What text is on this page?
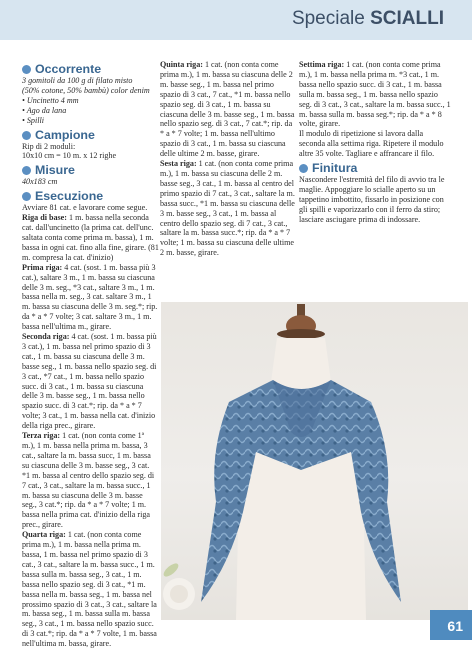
Speciale SCIALLI
Occorrente
3 gomitoli da 100 g di filato misto
(50% cotone, 50% bambù) color denim
• Uncinetto 4 mm
• Ago da lana
• Spilli
Campione
Rip di 2 moduli:
10x10 cm = 10 m. x 12 righe
Misure
40x183 cm
Esecuzione

Avviare 81 cat. e lavorare come segue.

Riga di base: 1 m. bassa nella seconda cat. dall'uncinetto (la prima cat. dell'unc. saltata conta come prima m. bassa), 1 m. bassa in ogni cat. fino alla fine, girare. (81 m. compresa la cat. d'inizio)

Prima riga: 4 cat. (sost. 1 m. bassa più 3 cat.), saltare 3 m., 1 m. bassa su ciascuna delle 3 m. seg., *3 cat., saltare 3 m., 1 m. bassa nella m. seg., 3 cat. saltare 3 m., 1 m. bassa su ciascuna delle 3 m. seg.*; rip. da * a * 7 volte; 3 cat. saltare 3 m., 1 m. bassa nell'ultima m., girare.

Seconda riga: 4 cat. (sost. 1 m. bassa più 3 cat.), 1 m. bassa nel primo spazio di 3 cat., 1 m. bassa su ciascuna delle 3 m. basse seg., 1 m. bassa nello spazio seg. di 3 cat., *7 cat., 1 m. bassa nello spazio succ. di 3 cat., 1 m. bassa su ciascuna delle 3 m. basse seg., 1 m. bassa nello spazio succ. di 3 cat.*; rip. da * a * 7 volte; 3 cat., 1 m. bassa nella cat. d'inizio della riga prec., girare.

Terza riga: 1 cat. (non conta come 1ª m.), 1 m. bassa nella prima m. bassa, 3 cat., saltare la m. bassa succ, 1 m. bassa su ciascuna delle 3 m. basse seg., 3 cat. *1 m. bassa al centro dello spazio seg. di 7 cat., 3 cat., saltare la m. bassa succ., 1 m. bassa su ciascuna delle 3 m. basse seg., 3 cat.*; rip. da * a * 7 volte; 1 m. bassa nella prima cat. d'inizio della riga prec., girare.

Quarta riga: 1 cat. (non conta come prima m.), 1 m. bassa nella prima m. bassa, 1 m. bassa nel primo spazio di 3 cat., 3 cat., saltare la m. bassa succ., 1 m. bassa sulla m. bassa seg., 3 cat., 1 m. bassa nello spazio seg. di 3 cat., *1 m. bassa nella m. bassa seg., 1 m. bassa nel prossimo spazio di 3 cat., 3 cat., saltare la m. bassa seg., 1 m. bassa sulla m. bassa seg., 3 cat., 1 m. bassa nello spazio succ. di 3 cat.*; rip. da * a * 7 volte, 1 m. bassa nell'ultima m. bassa, girare.

Quinta riga: 1 cat. (non conta come prima m.), 1 m. bassa su ciascuna delle 2 m. basse seg., 1 m. bassa nel primo spazio di 3 cat., 7 cat., *1 m. bassa nello spazio seg. di 3 cat., 1 m. bassa su ciascuna delle 3 m. basse seg., 1 m. bassa nello spazio seg. di 3 cat., 7 cat.*; rip. da * a * 7 volte; 1 m. bassa nell'ultimo spazio di 3 cat., 1 m. bassa su ciascuna delle ultime 2 m. basse, girare.

Sesta riga: 1 cat. (non conta come prima m.), 1 m. bassa su ciascuna delle 2 m. basse seg., 3 cat., 1 m. bassa al centro del primo spazio di 7 cat., 3 cat., saltare la m. bassa succ., *1 m. bassa su ciascuna delle 3 m. basse seg., 3 cat., 1 m. bassa al centro dello spazio seg. di 7 cat., 3 cat., saltare la m. bassa succ.*; rip. da * a * 7 volte; 1 m. bassa su ciascuna delle ultime 2 m. basse, girare.

Settima riga: 1 cat. (non conta come prima m.), 1 m. bassa nella prima m. *3 cat., 1 m. bassa nello spazio succ. di 3 cat., 1 m. bassa sulla m. bassa seg., 1 m. bassa nello spazio seg. di 3 cat., 3 cat., saltare la m. bassa succ., 1 m. bassa sulla m. bassa seg.*; rip. da * a * 8 volte, girare.

Il modulo di ripetizione si lavora dalla seconda alla settima riga. Ripetere il modulo altre 35 volte. Tagliare e affrancare il filo.

Finitura

Nascondere l'estremità del filo di avvio tra le maglie. Appoggiare lo scialle aperto su un tappetino imbottito, fissarlo in posizione con gli spilli e vaporizzarlo con il ferro da stiro; lasciare asciugare prima di indossare.

61
